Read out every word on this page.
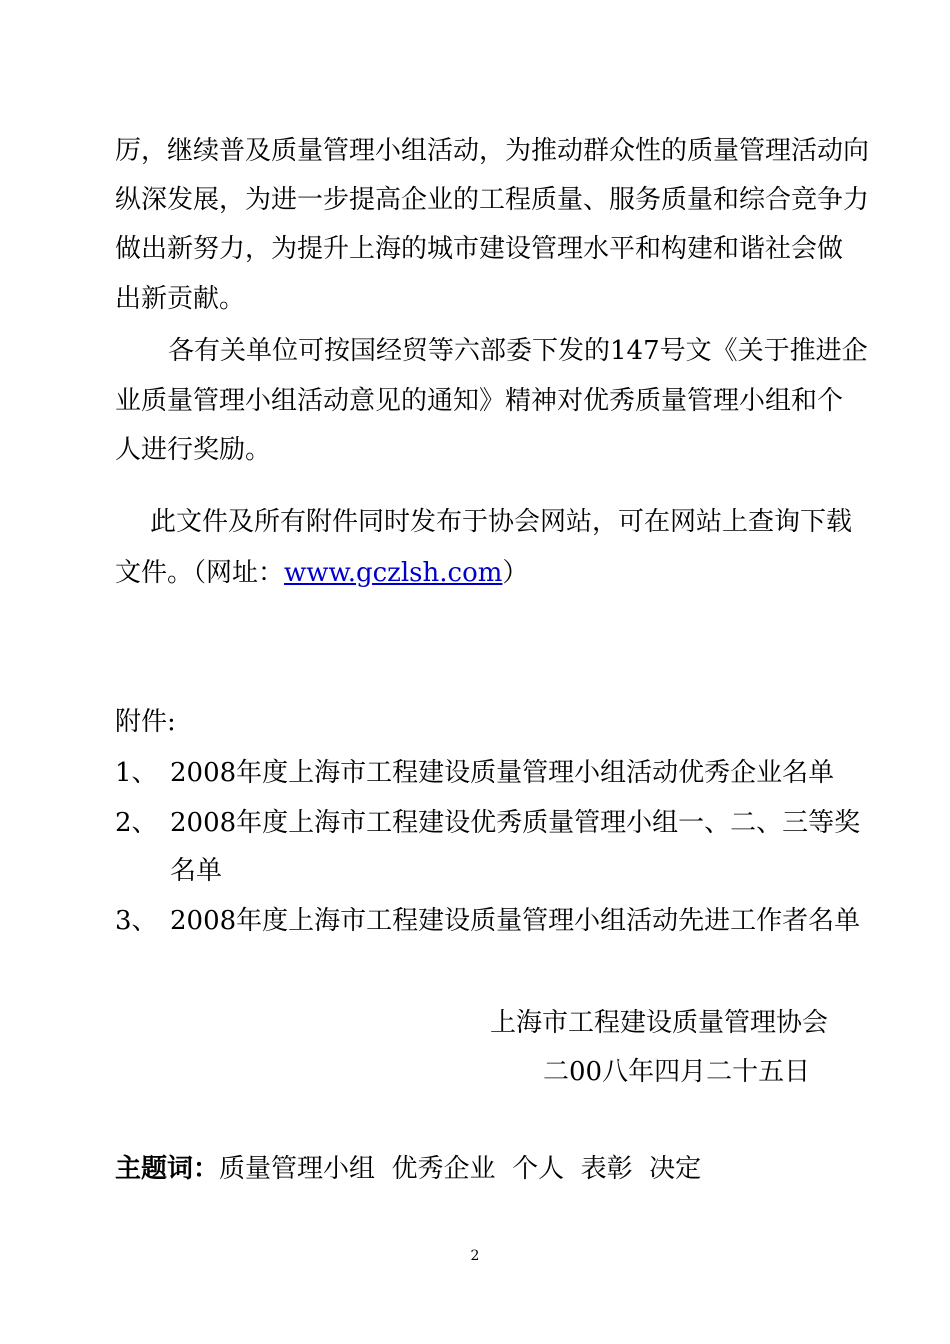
厉，继续普及质量管理小组活动，为推动群众性的质量管理活动向
纵深发展，为进一步提高企业的工程质量、服务质量和综合竞争力
做出新努力，为提升上海的城市建设管理水平和构建和谐社会做
出新贡献。
各有关单位可按国经贸等六部委下发的147号文《关于推进企
业质量管理小组活动意见的通知》精神对优秀质量管理小组和个
人进行奖励。
此文件及所有附件同时发布于协会网站，可在网站上查询下载
文件。（网址：www.gczlsh.com）
附件:
1、 2008年度上海市工程建设质量管理小组活动优秀企业名单
2、 2008年度上海市工程建设优秀质量管理小组一、二、三等奖
名单
3、 2008年度上海市工程建设质量管理小组活动先进工作者名单
上海市工程建设质量管理协会
二00八年四月二十五日
主题词：质量管理小组  优秀企业  个人  表彰  决定
2
